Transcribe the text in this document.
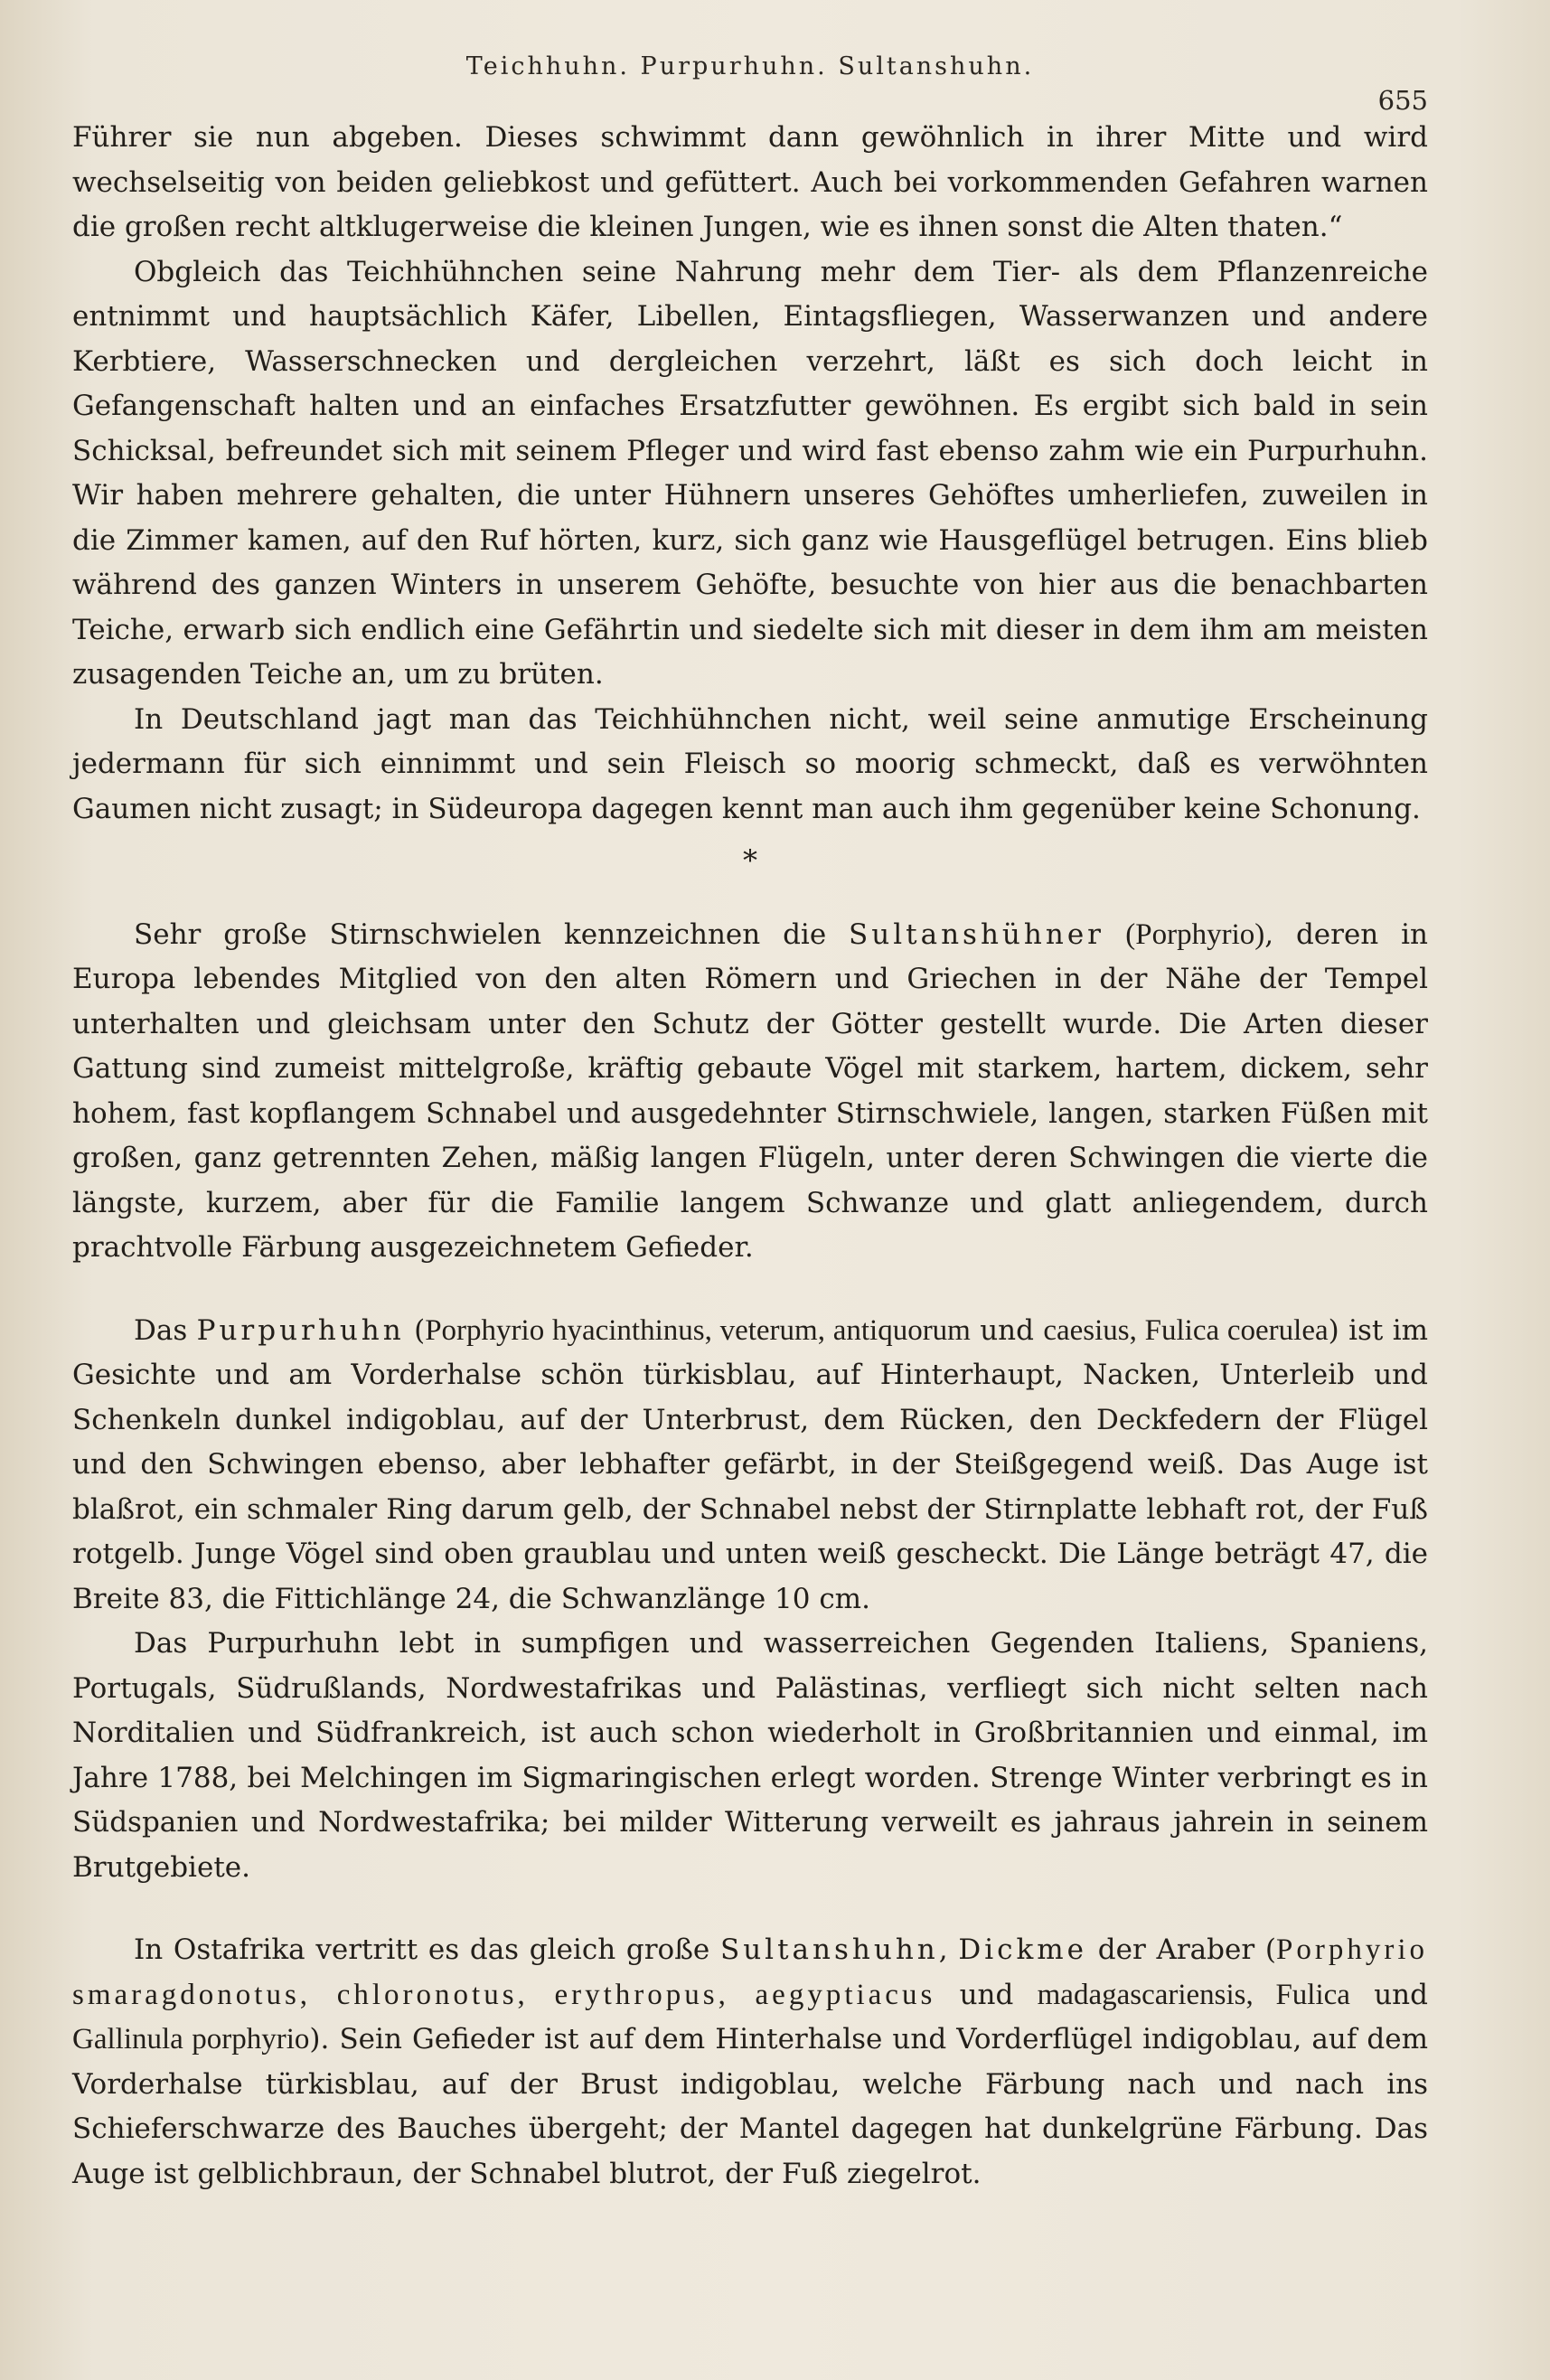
Teichhuhn. Purpurhuhn. Sultanshuhn.
655

Führer sie nun abgeben. Dieses schwimmt dann gewöhnlich in ihrer Mitte und wird wechselseitig von beiden geliebkost und gefüttert. Auch bei vorkommenden Gefahren warnen die großen recht altklugerweise die kleinen Jungen, wie es ihnen sonst die Alten thaten.“

Obgleich das Teichhühnchen seine Nahrung mehr dem Tier- als dem Pflanzenreiche entnimmt und hauptsächlich Käfer, Libellen, Eintagsfliegen, Wasserwanzen und andere Kerbtiere, Wasserschnecken und dergleichen verzehrt, läßt es sich doch leicht in Gefangenschaft halten und an einfaches Ersatzfutter gewöhnen. Es ergibt sich bald in sein Schicksal, befreundet sich mit seinem Pfleger und wird fast ebenso zahm wie ein Purpurhuhn. Wir haben mehrere gehalten, die unter Hühnern unseres Gehöftes umherliefen, zuweilen in die Zimmer kamen, auf den Ruf hörten, kurz, sich ganz wie Hausgeflügel betrugen. Eins blieb während des ganzen Winters in unserem Gehöfte, besuchte von hier aus die benachbarten Teiche, erwarb sich endlich eine Gefährtin und siedelte sich mit dieser in dem ihm am meisten zusagenden Teiche an, um zu brüten.

In Deutschland jagt man das Teichhühnchen nicht, weil seine anmutige Erscheinung jedermann für sich einnimmt und sein Fleisch so moorig schmeckt, daß es verwöhnten Gaumen nicht zusagt; in Südeuropa dagegen kennt man auch ihm gegenüber keine Schonung.

*

Sehr große Stirnschwielen kennzeichnen die Sultanshühner (Porphyrio), deren in Europa lebendes Mitglied von den alten Römern und Griechen in der Nähe der Tempel unterhalten und gleichsam unter den Schutz der Götter gestellt wurde. Die Arten dieser Gattung sind zumeist mittelgroße, kräftig gebaute Vögel mit starkem, hartem, dickem, sehr hohem, fast kopflangem Schnabel und ausgedehnter Stirnschwiele, langen, starken Füßen mit großen, ganz getrennten Zehen, mäßig langen Flügeln, unter deren Schwingen die vierte die längste, kurzem, aber für die Familie langem Schwanze und glatt anliegendem, durch prachtvolle Färbung ausgezeichnetem Gefieder.

Das Purpurhuhn (Porphyrio hyacinthinus, veterum, antiquorum und caesius, Fulica coerulea) ist im Gesichte und am Vorderhalse schön türkisblau, auf Hinterhaupt, Nacken, Unterleib und Schenkeln dunkel indigoblau, auf der Unterbrust, dem Rücken, den Deckfedern der Flügel und den Schwingen ebenso, aber lebhafter gefärbt, in der Steißgegend weiß. Das Auge ist blaßrot, ein schmaler Ring darum gelb, der Schnabel nebst der Stirnplatte lebhaft rot, der Fuß rotgelb. Junge Vögel sind oben graublau und unten weiß gescheckt. Die Länge beträgt 47, die Breite 83, die Fittichlänge 24, die Schwanzlänge 10 cm.

Das Purpurhuhn lebt in sumpfigen und wasserreichen Gegenden Italiens, Spaniens, Portugals, Südrußlands, Nordwestafrikas und Palästinas, verfliegt sich nicht selten nach Norditalien und Südfrankreich, ist auch schon wiederholt in Großbritannien und einmal, im Jahre 1788, bei Melchingen im Sigmaringischen erlegt worden. Strenge Winter verbringt es in Südspanien und Nordwestafrika; bei milder Witterung verweilt es jahraus jahrein in seinem Brutgebiete.

In Ostafrika vertritt es das gleich große Sultanshuhn, Dickme der Araber (Porphyrio smaragdonotus, chloronotus, erythropus, aegyptiacus und madagascariensis, Fulica und Gallinula porphyrio). Sein Gefieder ist auf dem Hinterhalse und Vorderflügel indigoblau, auf dem Vorderhalse türkisblau, auf der Brust indigoblau, welche Färbung nach und nach ins Schieferschwarze des Bauches übergeht; der Mantel dagegen hat dunkelgrüne Färbung. Das Auge ist gelblichbraun, der Schnabel blutrot, der Fuß ziegelrot.
